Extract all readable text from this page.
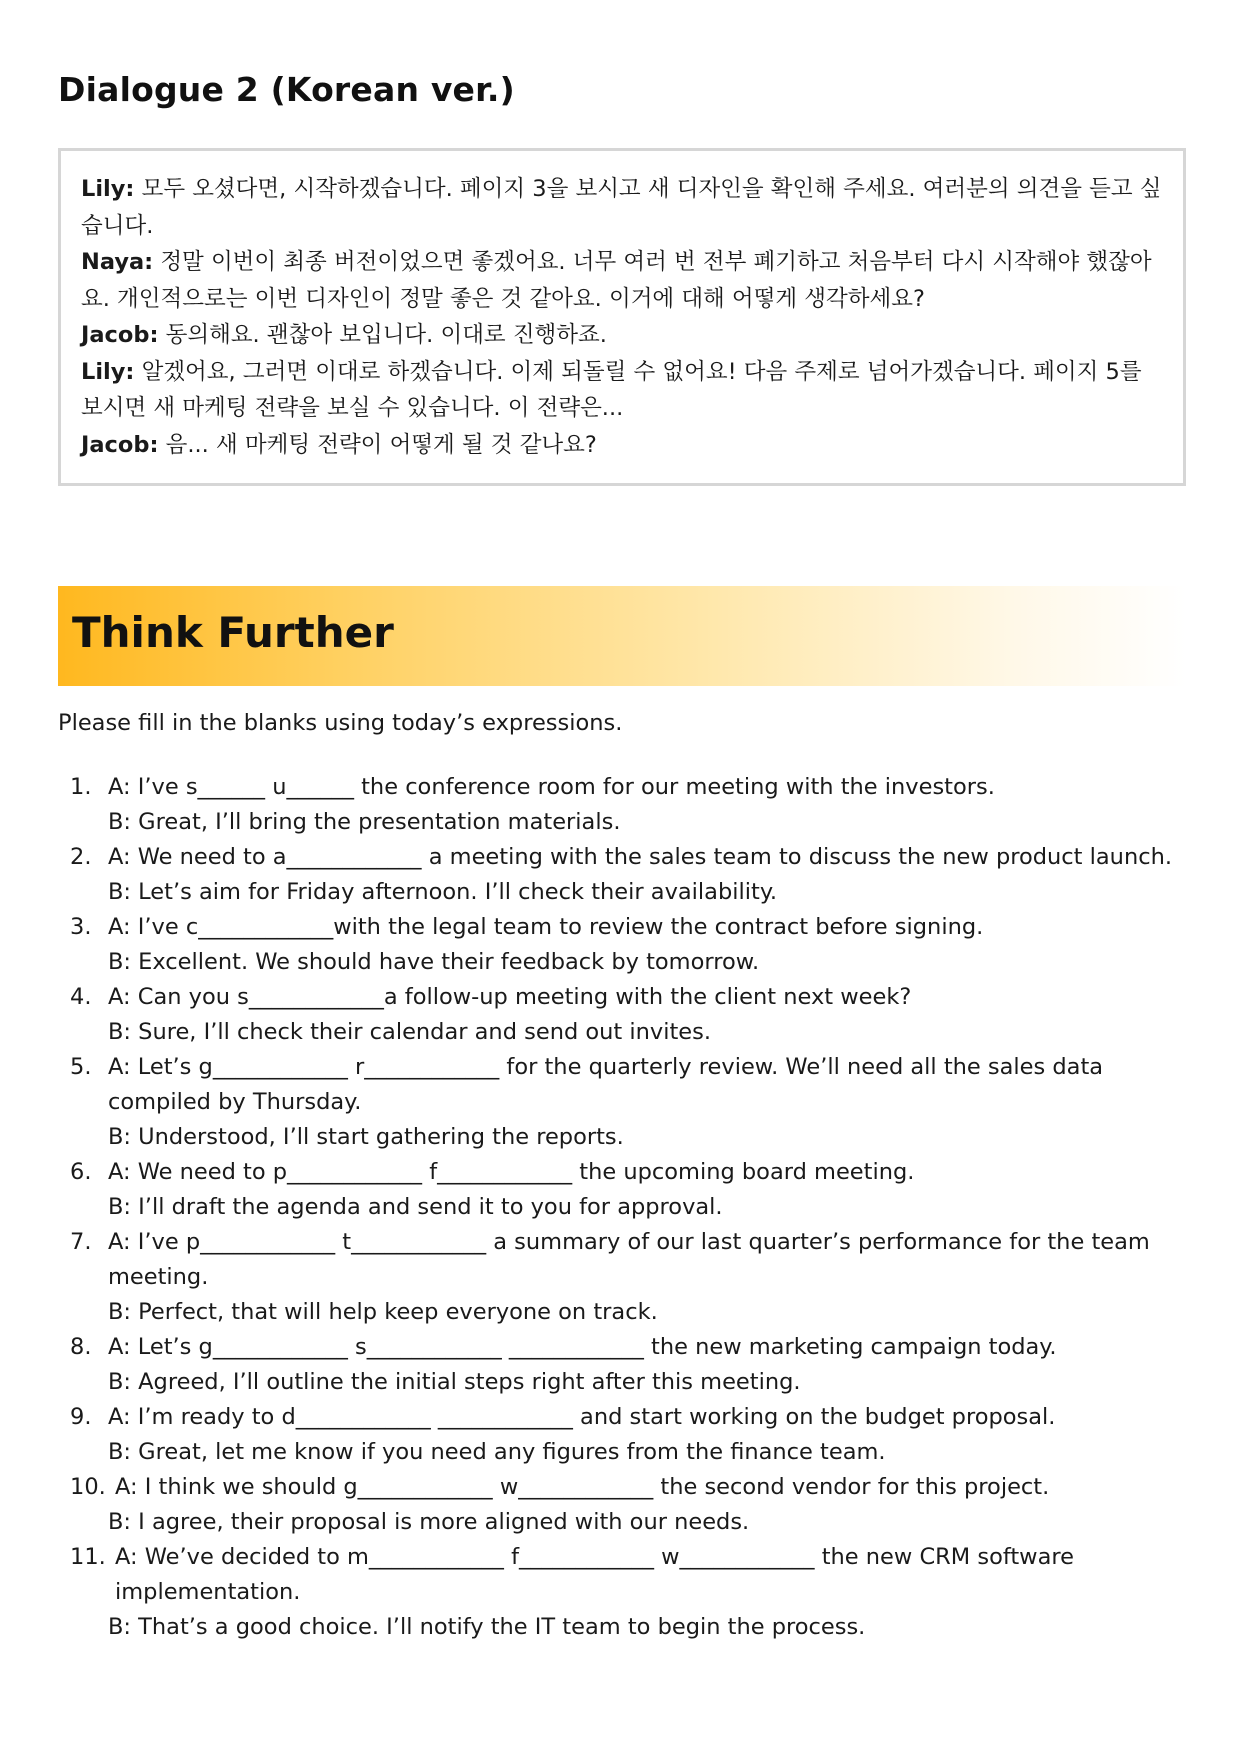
Dialogue 2 (Korean ver.)

Lily: 모두 오셨다면, 시작하겠습니다. 페이지 3을 보시고 새 디자인을 확인해 주세요. 여러분의 의견을 듣고 싶습니다.

Naya: 정말 이번이 최종 버전이었으면 좋겠어요. 너무 여러 번 전부 폐기하고 처음부터 다시 시작해야 했잖아요. 개인적으로는 이번 디자인이 정말 좋은 것 같아요. 이거에 대해 어떻게 생각하세요?

Jacob: 동의해요. 괜찮아 보입니다. 이대로 진행하죠.

Lily: 알겠어요, 그러면 이대로 하겠습니다. 이제 되돌릴 수 없어요! 다음 주제로 넘어가겠습니다. 페이지 5를 보시면 새 마케팅 전략을 보실 수 있습니다. 이 전략은...

Jacob: 음... 새 마케팅 전략이 어떻게 될 것 같나요?

Think Further

Please fill in the blanks using today’s expressions.

1. A: I’ve s______ u______ the conference room for our meeting with the investors.
B: Great, I’ll bring the presentation materials.
2. A: We need to a____________ a meeting with the sales team to discuss the new product launch.
B: Let’s aim for Friday afternoon. I’ll check their availability.
3. A: I’ve c____________with the legal team to review the contract before signing.
B: Excellent. We should have their feedback by tomorrow.
4. A: Can you s____________a follow-up meeting with the client next week?
B: Sure, I’ll check their calendar and send out invites.
5. A: Let’s g____________ r____________ for the quarterly review. We’ll need all the sales data compiled by Thursday.
B: Understood, I’ll start gathering the reports.
6. A: We need to p____________ f____________ the upcoming board meeting.
B: I’ll draft the agenda and send it to you for approval.
7. A: I’ve p____________ t____________ a summary of our last quarter’s performance for the team meeting.
B: Perfect, that will help keep everyone on track.
8. A: Let’s g____________ s____________ ____________ the new marketing campaign today.
B: Agreed, I’ll outline the initial steps right after this meeting.
9. A: I’m ready to d____________ ____________ and start working on the budget proposal.
B: Great, let me know if you need any figures from the finance team.
10. A: I think we should g____________ w____________ the second vendor for this project.
B: I agree, their proposal is more aligned with our needs.
11. A: We’ve decided to m____________ f____________ w____________ the new CRM software implementation.
B: That’s a good choice. I’ll notify the IT team to begin the process.
